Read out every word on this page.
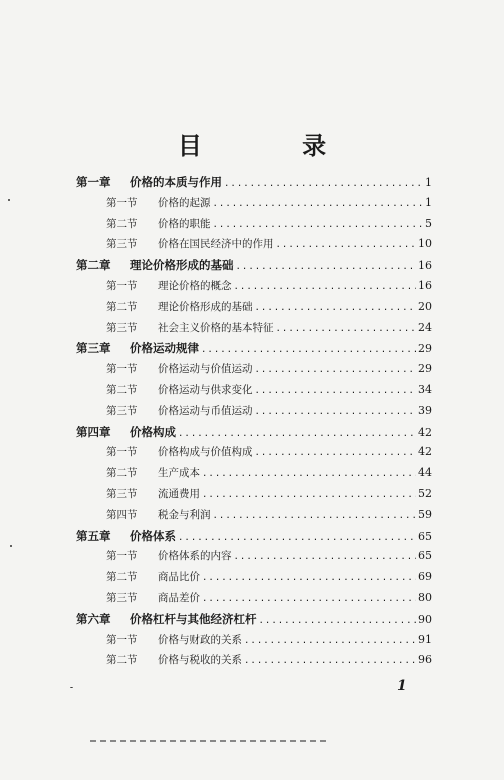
目 录
第一章	价格的本质与作用 .....	1
第一节	价格的起源 .....	1
第二节	价格的职能 .....	5
第三节	价格在国民经济中的作用 .....	10
第二章	理论价格形成的基础 .....	16
第一节	理论价格的概念 .....	16
第二节	理论价格形成的基础 .....	20
第三节	社会主义价格的基本特征 .....	24
第三章	价格运动规律 .....	29
第一节	价格运动与价值运动 .....	29
第二节	价格运动与供求变化 .....	34
第三节	价格运动与币值运动 .....	39
第四章	价格构成 .....	42
第一节	价格构成与价值构成 .....	42
第二节	生产成本 .....	44
第三节	流通费用 .....	52
第四节	税金与利润 .....	59
第五章	价格体系 .....	65
第一节	价格体系的内容 .....	65
第二节	商品比价 .....	69
第三节	商品差价 .....	80
第六章	价格杠杆与其他经济杠杆 .....	90
第一节	价格与财政的关系 .....	91
第二节	价格与税收的关系 .....	96
1
